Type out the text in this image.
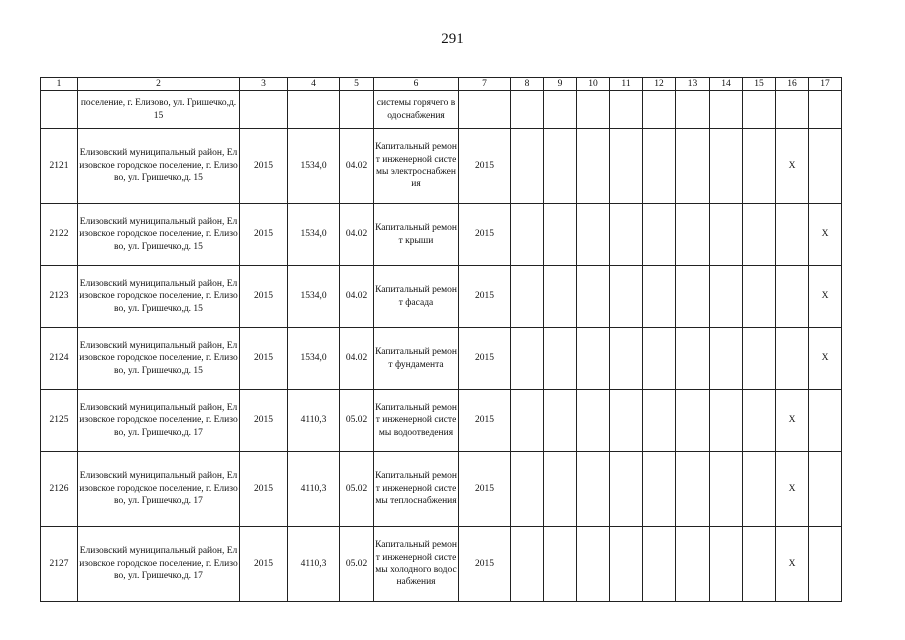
291
1	2	3	4	5	6	7	8	9	10	11	12	13	14	15	16	17
	поселение, г. Елизово, ул. Гришечко,д. 15				системы горячего водоснабжения											
2121	Елизовский муниципальный район, Елизовское городское поселение, г. Елизово, ул. Гришечко,д. 15	2015	1534,0	04.02	Капитальный ремонт инженерной системы электроснабжения	2015									Х	
2122	Елизовский муниципальный район, Елизовское городское поселение, г. Елизово, ул. Гришечко,д. 15	2015	1534,0	04.02	Капитальный ремонт крыши	2015										Х
2123	Елизовский муниципальный район, Елизовское городское поселение, г. Елизово, ул. Гришечко,д. 15	2015	1534,0	04.02	Капитальный ремонт фасада	2015										Х
2124	Елизовский муниципальный район, Елизовское городское поселение, г. Елизово, ул. Гришечко,д. 15	2015	1534,0	04.02	Капитальный ремонт фундамента	2015										Х
2125	Елизовский муниципальный район, Елизовское городское поселение, г. Елизово, ул. Гришечко,д. 17	2015	4110,3	05.02	Капитальный ремонт инженерной системы водоотведения	2015									Х	
2126	Елизовский муниципальный район, Елизовское городское поселение, г. Елизово, ул. Гришечко,д. 17	2015	4110,3	05.02	Капитальный ремонт инженерной системы теплоснабжения	2015									Х	
2127	Елизовский муниципальный район, Елизовское городское поселение, г. Елизово, ул. Гришечко,д. 17	2015	4110,3	05.02	Капитальный ремонт инженерной системы холодного водоснабжения	2015									Х	
